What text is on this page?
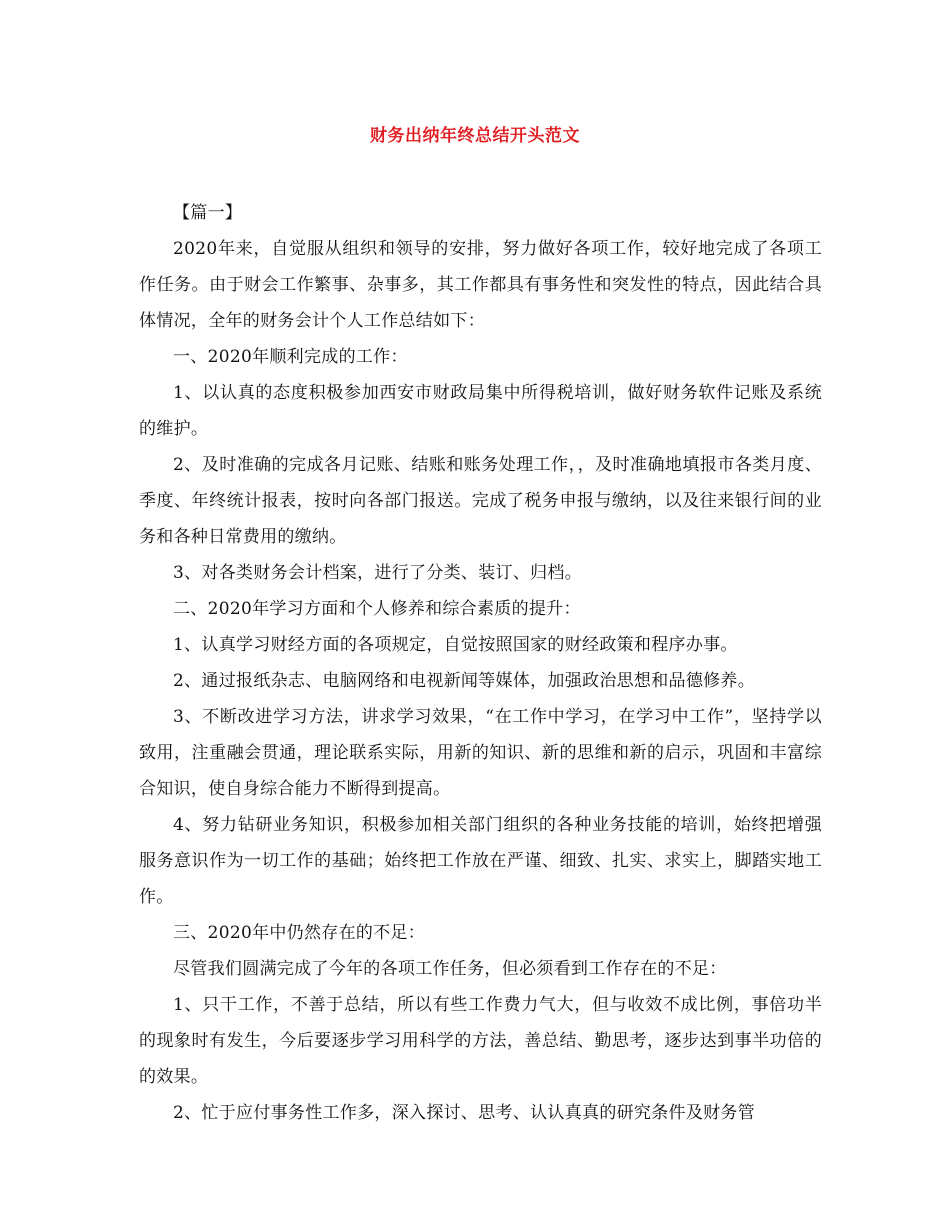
财务出纳年终总结开头范文

【篇一】

2020年来，自觉服从组织和领导的安排，努力做好各项工作，较好地完成了各项工作任务。由于财会工作繁事、杂事多，其工作都具有事务性和突发性的特点，因此结合具体情况，全年的财务会计个人工作总结如下：

一、2020年顺利完成的工作：

1、以认真的态度积极参加西安市财政局集中所得税培训，做好财务软件记账及系统的维护。

2、及时准确的完成各月记账、结账和账务处理工作，，及时准确地填报市各类月度、季度、年终统计报表，按时向各部门报送。完成了税务申报与缴纳，以及往来银行间的业务和各种日常费用的缴纳。

3、对各类财务会计档案，进行了分类、装订、归档。

二、2020年学习方面和个人修养和综合素质的提升：

1、认真学习财经方面的各项规定，自觉按照国家的财经政策和程序办事。

2、通过报纸杂志、电脑网络和电视新闻等媒体，加强政治思想和品德修养。

3、不断改进学习方法，讲求学习效果，“在工作中学习，在学习中工作”，坚持学以致用，注重融会贯通，理论联系实际，用新的知识、新的思维和新的启示，巩固和丰富综合知识，使自身综合能力不断得到提高。

4、努力钻研业务知识，积极参加相关部门组织的各种业务技能的培训，始终把增强服务意识作为一切工作的基础；始终把工作放在严谨、细致、扎实、求实上，脚踏实地工作。

三、2020年中仍然存在的不足：

尽管我们圆满完成了今年的各项工作任务，但必须看到工作存在的不足：

1、只干工作，不善于总结，所以有些工作费力气大，但与收效不成比例，事倍功半的现象时有发生，今后要逐步学习用科学的方法，善总结、勤思考，逐步达到事半功倍的的效果。

2、忙于应付事务性工作多，深入探讨、思考、认认真真的研究条件及财务管
